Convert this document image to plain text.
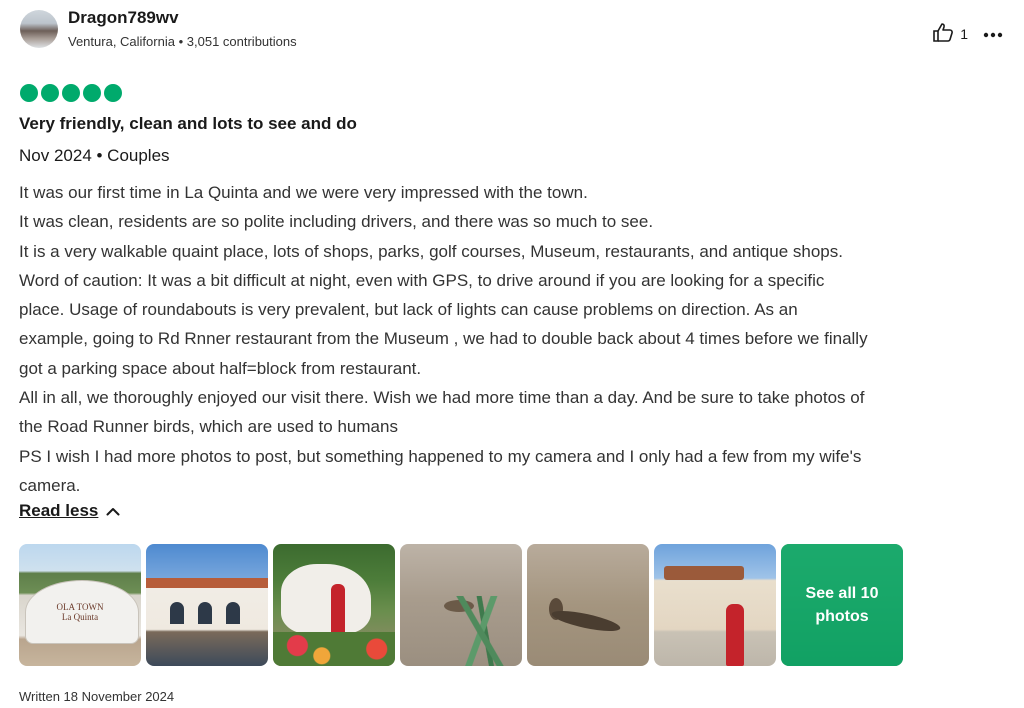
Dragon789wv
Ventura, California • 3,051 contributions	1
Very friendly, clean and lots to see and do
Nov 2024 • Couples
It was our first time in La Quinta and we were very impressed with the town.
It was clean, residents are so polite including drivers, and there was so much to see.
It is a very walkable quaint place, lots of shops, parks, golf courses, Museum, restaurants, and antique shops.
Word of caution: It was a bit difficult at night, even with GPS, to drive around if you are looking for a specific
place. Usage of roundabouts is very prevalent, but lack of lights can cause problems on direction. As an
example, going to Rd Rnner restaurant from the Museum , we had to double back about 4 times before we finally
got a parking space about half=block from restaurant.
All in all, we thoroughly enjoyed our visit there. Wish we had more time than a day. And be sure to take photos of
the Road Runner birds, which are used to humans
PS I wish I had more photos to post, but something happened to my camera and I only had a few from my wife's
camera.
Read less
OLA TOWN
La Quinta
See all 10
photos
Written 18 November 2024
